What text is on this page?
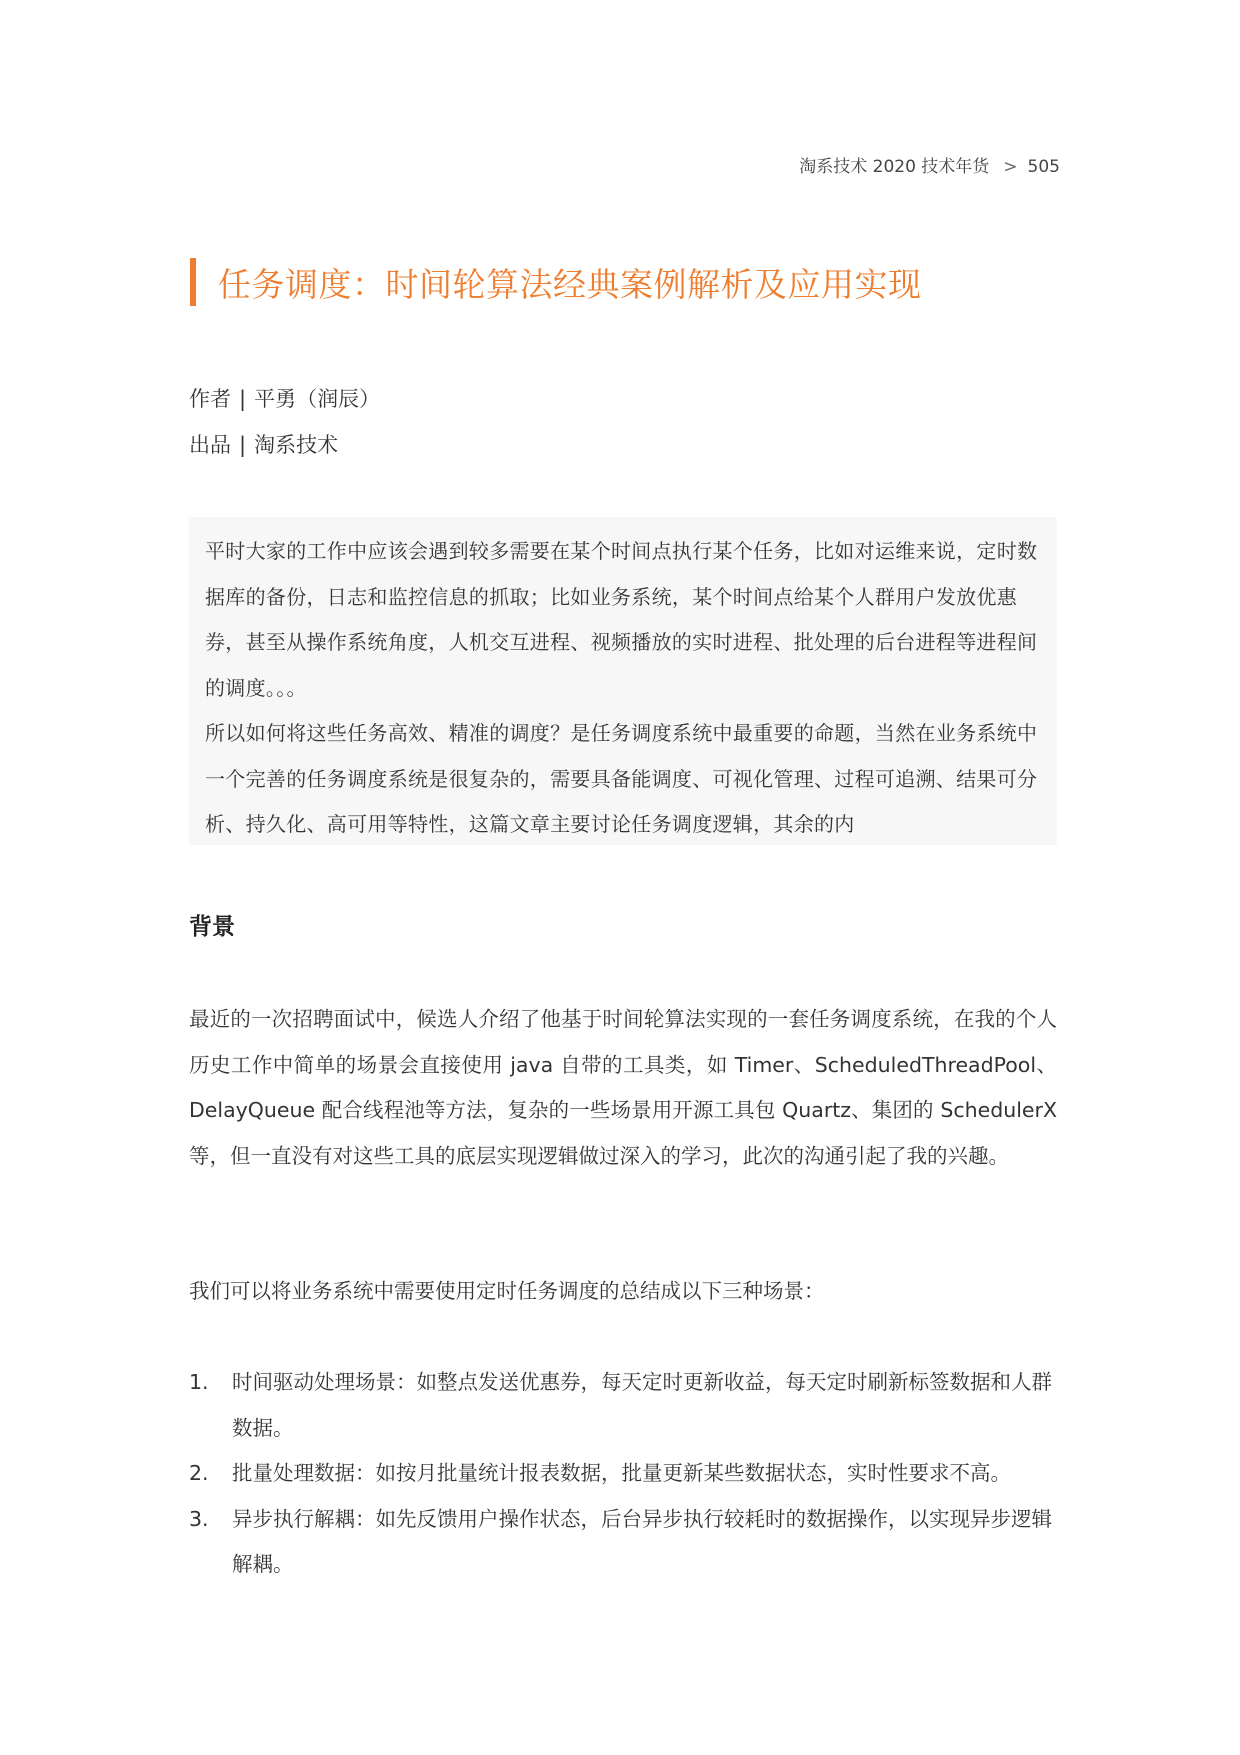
淘系技术 2020 技术年货 > 505
任务调度：时间轮算法经典案例解析及应用实现
作者 | 平勇（润辰）
出品 | 淘系技术

平时大家的工作中应该会遇到较多需要在某个时间点执行某个任务，比如对运维来说，定时数据库的备份，日志和监控信息的抓取；比如业务系统，某个时间点给某个人群用户发放优惠券，甚至从操作系统角度，人机交互进程、视频播放的实时进程、批处理的后台进程等进程间的调度。。。

所以如何将这些任务高效、精准的调度？是任务调度系统中最重要的命题，当然在业务系统中一个完善的任务调度系统是很复杂的，需要具备能调度、可视化管理、过程可追溯、结果可分析、持久化、高可用等特性，这篇文章主要讨论任务调度逻辑，其余的内

背景

最近的一次招聘面试中，候选人介绍了他基于时间轮算法实现的一套任务调度系统，在我的个人历史工作中简单的场景会直接使用 java 自带的工具类，如 Timer、ScheduledThreadPool、DelayQueue 配合线程池等方法，复杂的一些场景用开源工具包 Quartz、集团的 SchedulerX 等，但一直没有对这些工具的底层实现逻辑做过深入的学习，此次的沟通引起了我的兴趣。

我们可以将业务系统中需要使用定时任务调度的总结成以下三种场景：

1.	时间驱动处理场景：如整点发送优惠券，每天定时更新收益，每天定时刷新标签数据和人群数据。
2.	批量处理数据：如按月批量统计报表数据，批量更新某些数据状态，实时性要求不高。
3.	异步执行解耦：如先反馈用户操作状态，后台异步执行较耗时的数据操作，以实现异步逻辑解耦。
